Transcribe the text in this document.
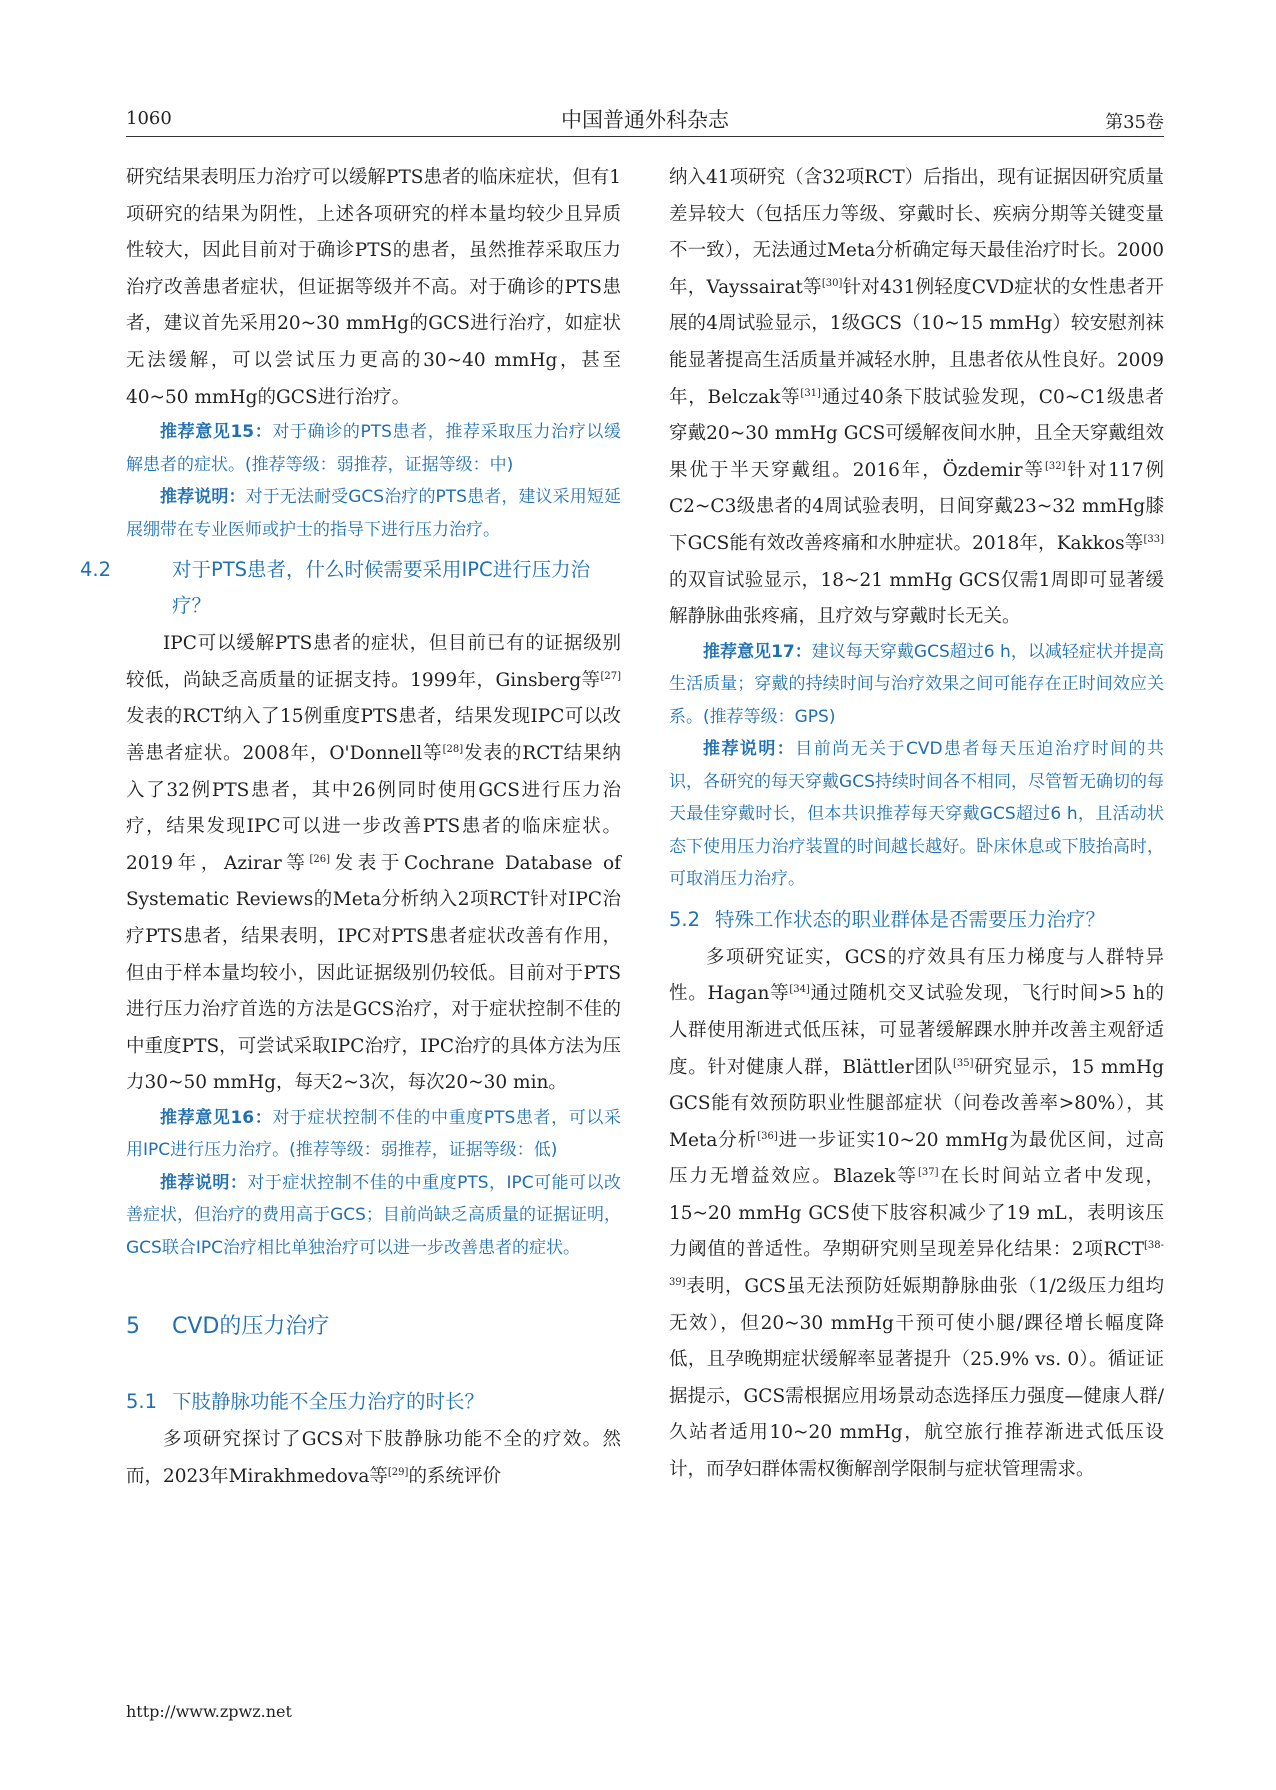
1060	中国普通外科杂志	第35卷

研究结果表明压力治疗可以缓解PTS患者的临床症状，但有1项研究的结果为阴性，上述各项研究的样本量均较少且异质性较大，因此目前对于确诊PTS的患者，虽然推荐采取压力治疗改善患者症状，但证据等级并不高。对于确诊的PTS患者，建议首先采用20~30 mmHg的GCS进行治疗，如症状无法缓解，可以尝试压力更高的30~40 mmHg，甚至40~50 mmHg的GCS进行治疗。

推荐意见15：对于确诊的PTS患者，推荐采取压力治疗以缓解患者的症状。(推荐等级：弱推荐，证据等级：中)

推荐说明：对于无法耐受GCS治疗的PTS患者，建议采用短延展绷带在专业医师或护士的指导下进行压力治疗。

4.2	对于PTS患者，什么时候需要采用IPC进行压力治疗？

IPC可以缓解PTS患者的症状，但目前已有的证据级别较低，尚缺乏高质量的证据支持。1999年，Ginsberg等[27]发表的RCT纳入了15例重度PTS患者，结果发现IPC可以改善患者症状。2008年，O'Donnell等[28]发表的RCT结果纳入了32例PTS患者，其中26例同时使用GCS进行压力治疗，结果发现IPC可以进一步改善PTS患者的临床症状。2019年，Azirar等[26]发表于Cochrane Database of Systematic Reviews的Meta分析纳入2项RCT针对IPC治疗PTS患者，结果表明，IPC对PTS患者症状改善有作用，但由于样本量均较小，因此证据级别仍较低。目前对于PTS进行压力治疗首选的方法是GCS治疗，对于症状控制不佳的中重度PTS，可尝试采取IPC治疗，IPC治疗的具体方法为压力30~50 mmHg，每天2~3次，每次20~30 min。

推荐意见16：对于症状控制不佳的中重度PTS患者，可以采用IPC进行压力治疗。(推荐等级：弱推荐，证据等级：低)

推荐说明：对于症状控制不佳的中重度PTS，IPC可能可以改善症状，但治疗的费用高于GCS；目前尚缺乏高质量的证据证明，GCS联合IPC治疗相比单独治疗可以进一步改善患者的症状。

5 CVD的压力治疗
5.1 下肢静脉功能不全压力治疗的时长？

多项研究探讨了GCS对下肢静脉功能不全的疗效。然而，2023年Mirakhmedova等[29]的系统评价

纳入41项研究（含32项RCT）后指出，现有证据因研究质量差异较大（包括压力等级、穿戴时长、疾病分期等关键变量不一致），无法通过Meta分析确定每天最佳治疗时长。2000年，Vayssairat等[30]针对431例轻度CVD症状的女性患者开展的4周试验显示，1级GCS（10~15 mmHg）较安慰剂袜能显著提高生活质量并减轻水肿，且患者依从性良好。2009年，Belczak等[31]通过40条下肢试验发现，C0~C1级患者穿戴20~30 mmHg GCS可缓解夜间水肿，且全天穿戴组效果优于半天穿戴组。2016年，Özdemir等[32]针对117例C2~C3级患者的4周试验表明，日间穿戴23~32 mmHg膝下GCS能有效改善疼痛和水肿症状。2018年，Kakkos等[33]的双盲试验显示，18~21 mmHg GCS仅需1周即可显著缓解静脉曲张疼痛，且疗效与穿戴时长无关。

推荐意见17：建议每天穿戴GCS超过6 h，以减轻症状并提高生活质量；穿戴的持续时间与治疗效果之间可能存在正时间效应关系。(推荐等级：GPS)

推荐说明：目前尚无关于CVD患者每天压迫治疗时间的共识，各研究的每天穿戴GCS持续时间各不相同，尽管暂无确切的每天最佳穿戴时长，但本共识推荐每天穿戴GCS超过6 h，且活动状态下使用压力治疗装置的时间越长越好。卧床休息或下肢抬高时，可取消压力治疗。

5.2 特殊工作状态的职业群体是否需要压力治疗？

多项研究证实，GCS的疗效具有压力梯度与人群特异性。Hagan等[34]通过随机交叉试验发现，飞行时间>5 h的人群使用渐进式低压袜，可显著缓解踝水肿并改善主观舒适度。针对健康人群，Blättler团队[35]研究显示，15 mmHg GCS能有效预防职业性腿部症状（问卷改善率>80%），其Meta分析[36]进一步证实10~20 mmHg为最优区间，过高压力无增益效应。Blazek等[37]在长时间站立者中发现，15~20 mmHg GCS使下肢容积减少了19 mL，表明该压力阈值的普适性。孕期研究则呈现差异化结果：2项RCT[38-39]表明，GCS虽无法预防妊娠期静脉曲张（1/2级压力组均无效），但20~30 mmHg干预可使小腿/踝径增长幅度降低，且孕晚期症状缓解率显著提升（25.9% vs. 0）。循证证据提示，GCS需根据应用场景动态选择压力强度—健康人群/久站者适用10~20 mmHg，航空旅行推荐渐进式低压设计，而孕妇群体需权衡解剖学限制与症状管理需求。

http://www.zpwz.net
